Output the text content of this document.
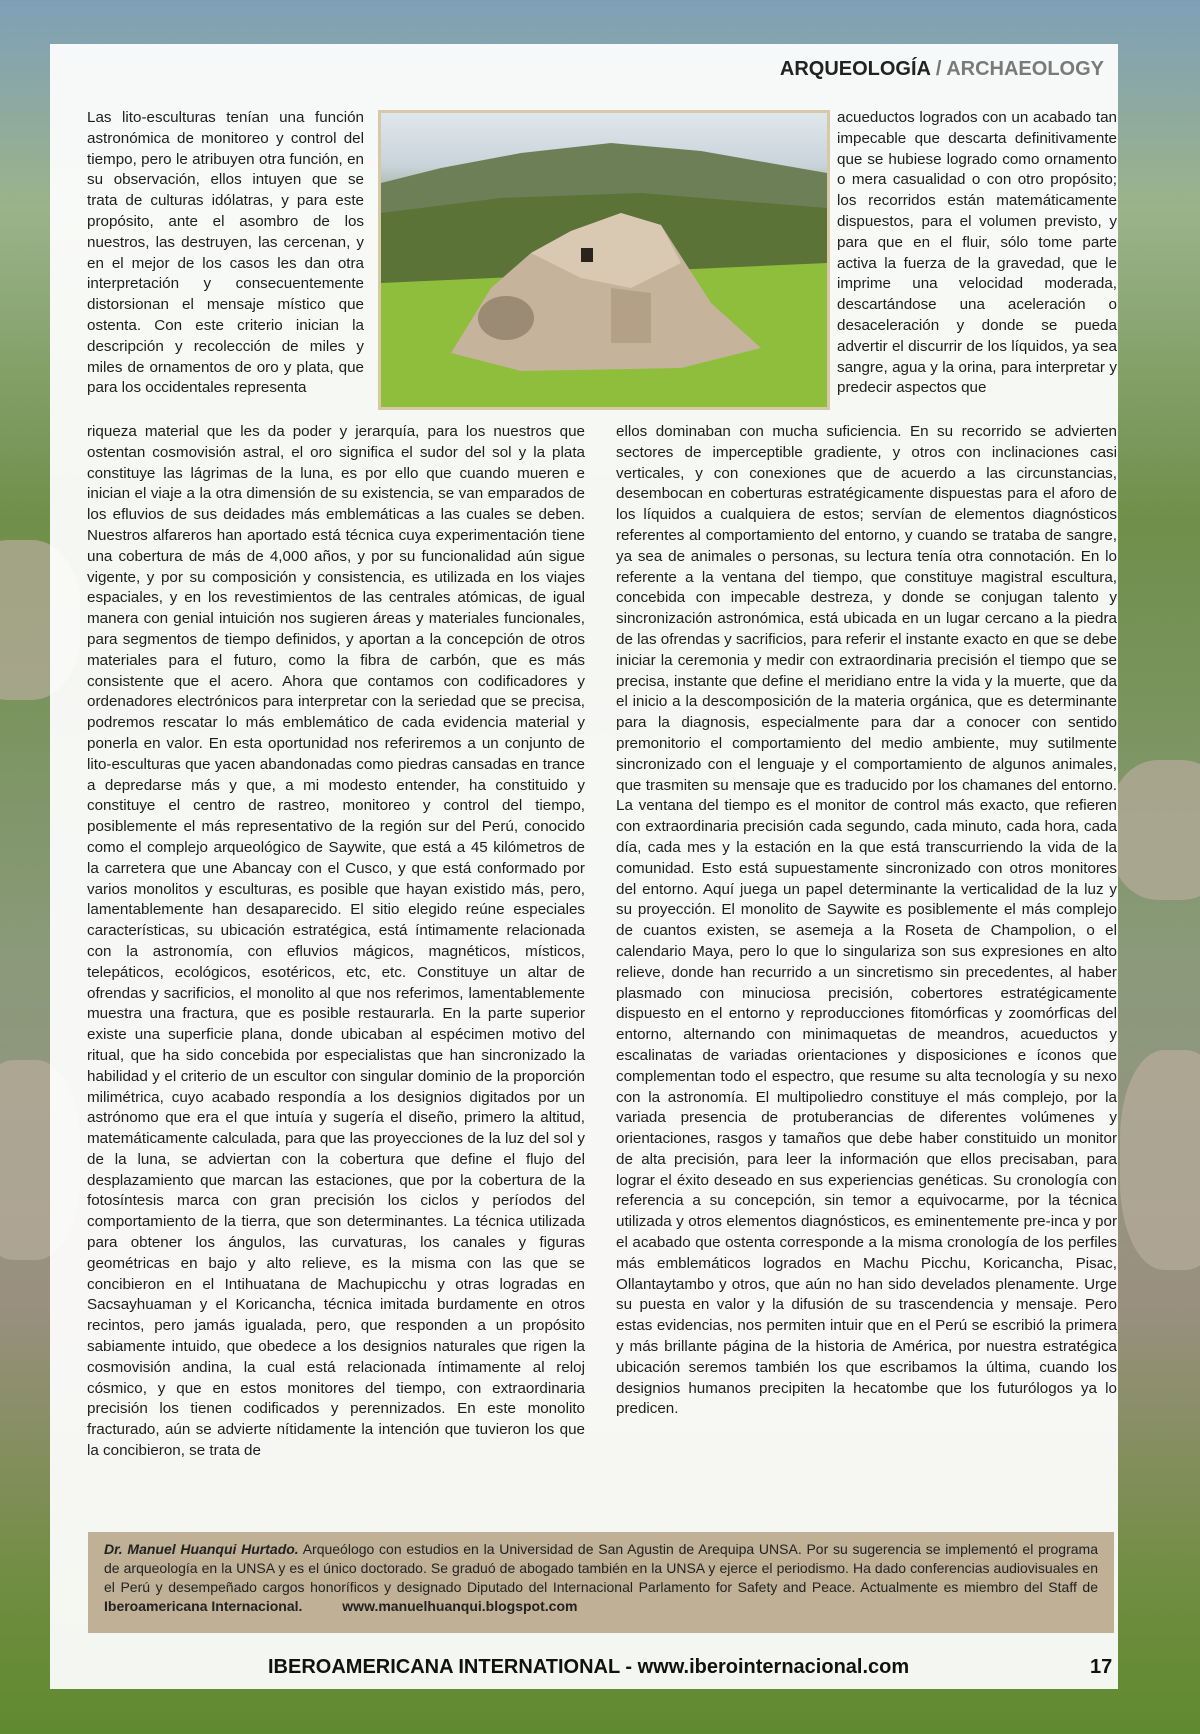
ARQUEOLOGÍA / ARCHAEOLOGY

Las lito-esculturas tenían una función astronómica de monitoreo y control del tiempo, pero le atribuyen otra función, en su observación, ellos intuyen que se trata de culturas idólatras, y para este propósito, ante el asombro de los nuestros, las destruyen, las cercenan, y en el mejor de los casos les dan otra interpretación y consecuentemente distorsionan el mensaje místico que ostenta. Con este criterio inician la descripción y recolección de miles y miles de ornamentos de oro y plata, que para los occidentales representa

acueductos logrados con un acabado tan impecable que descarta definitivamente que se hubiese logrado como ornamento o mera casualidad o con otro propósito; los recorridos están matemáticamente dispuestos, para el volumen previsto, y para que en el fluir, sólo tome parte activa la fuerza de la gravedad, que le imprime una velocidad moderada, descartándose una aceleración o desaceleración y donde se pueda advertir el discurrir de los líquidos, ya sea sangre, agua y la orina, para interpretar y predecir aspectos que

riqueza material que les da poder y jerarquía, para los nuestros que ostentan cosmovisión astral, el oro significa el sudor del sol y la plata constituye las lágrimas de la luna, es por ello que cuando mueren e inician el viaje a la otra dimensión de su existencia, se van emparados de los efluvios de sus deidades más emblemáticas a las cuales se deben. Nuestros alfareros han aportado está técnica cuya experimentación tiene una cobertura de más de 4,000 años, y por su funcionalidad aún sigue vigente, y por su composición y consistencia, es utilizada en los viajes espaciales, y en los revestimientos de las centrales atómicas, de igual manera con genial intuición nos sugieren áreas y materiales funcionales, para segmentos de tiempo definidos, y aportan a la concepción de otros materiales para el futuro, como la fibra de carbón, que es más consistente que el acero. Ahora que contamos con codificadores y ordenadores electrónicos para interpretar con la seriedad que se precisa, podremos rescatar lo más emblemático de cada evidencia material y ponerla en valor. En esta oportunidad nos referiremos a un conjunto de lito-esculturas que yacen abandonadas como piedras cansadas en trance a depredarse más y que, a mi modesto entender, ha constituido y constituye el centro de rastreo, monitoreo y control del tiempo, posiblemente el más representativo de la región sur del Perú, conocido como el complejo arqueológico de Saywite, que está a 45 kilómetros de la carretera que une Abancay con el Cusco, y que está conformado por varios monolitos y esculturas, es posible que hayan existido más, pero, lamentablemente han desaparecido. El sitio elegido reúne especiales características, su ubicación estratégica, está íntimamente relacionada con la astronomía, con efluvios mágicos, magnéticos, místicos, telepáticos, ecológicos, esotéricos, etc, etc. Constituye un altar de ofrendas y sacrificios, el monolito al que nos referimos, lamentablemente muestra una fractura, que es posible restaurarla. En la parte superior existe una superficie plana, donde ubicaban al espécimen motivo del ritual, que ha sido concebida por especialistas que han sincronizado la habilidad y el criterio de un escultor con singular dominio de la proporción milimétrica, cuyo acabado respondía a los designios digitados por un astrónomo que era el que intuía y sugería el diseño, primero la altitud, matemáticamente calculada, para que las proyecciones de la luz del sol y de la luna, se adviertan con la cobertura que define el flujo del desplazamiento que marcan las estaciones, que por la cobertura de la fotosíntesis marca con gran precisión los ciclos y períodos del comportamiento de la tierra, que son determinantes. La técnica utilizada para obtener los ángulos, las curvaturas, los canales y figuras geométricas en bajo y alto relieve, es la misma con las que se concibieron en el Intihuatana de Machupicchu y otras logradas en Sacsayhuaman y el Koricancha, técnica imitada burdamente en otros recintos, pero jamás igualada, pero, que responden a un propósito sabiamente intuido, que obedece a los designios naturales que rigen la cosmovisión andina, la cual está relacionada íntimamente al reloj cósmico, y que en estos monitores del tiempo, con extraordinaria precisión los tienen codificados y perennizados. En este monolito fracturado, aún se advierte nítidamente la intención que tuvieron los que la concibieron, se trata de

ellos dominaban con mucha suficiencia. En su recorrido se advierten sectores de imperceptible gradiente, y otros con inclinaciones casi verticales, y con conexiones que de acuerdo a las circunstancias, desembocan en coberturas estratégicamente dispuestas para el aforo de los líquidos a cualquiera de estos; servían de elementos diagnósticos referentes al comportamiento del entorno, y cuando se trataba de sangre, ya sea de animales o personas, su lectura tenía otra connotación. En lo referente a la ventana del tiempo, que constituye magistral escultura, concebida con impecable destreza, y donde se conjugan talento y sincronización astronómica, está ubicada en un lugar cercano a la piedra de las ofrendas y sacrificios, para referir el instante exacto en que se debe iniciar la ceremonia y medir con extraordinaria precisión el tiempo que se precisa, instante que define el meridiano entre la vida y la muerte, que da el inicio a la descomposición de la materia orgánica, que es determinante para la diagnosis, especialmente para dar a conocer con sentido premonitorio el comportamiento del medio ambiente, muy sutilmente sincronizado con el lenguaje y el comportamiento de algunos animales, que trasmiten su mensaje que es traducido por los chamanes del entorno. La ventana del tiempo es el monitor de control más exacto, que refieren con extraordinaria precisión cada segundo, cada minuto, cada hora, cada día, cada mes y la estación en la que está transcurriendo la vida de la comunidad. Esto está supuestamente sincronizado con otros monitores del entorno. Aquí juega un papel determinante la verticalidad de la luz y su proyección. El monolito de Saywite es posiblemente el más complejo de cuantos existen, se asemeja a la Roseta de Champolion, o el calendario Maya, pero lo que lo singulariza son sus expresiones en alto relieve, donde han recurrido a un sincretismo sin precedentes, al haber plasmado con minuciosa precisión, cobertores estratégicamente dispuesto en el entorno y reproducciones fitomórficas y zoomórficas del entorno, alternando con minimaquetas de meandros, acueductos y escalinatas de variadas orientaciones y disposiciones e íconos que complementan todo el espectro, que resume su alta tecnología y su nexo con la astronomía. El multipoliedro constituye el más complejo, por la variada presencia de protuberancias de diferentes volúmenes y orientaciones, rasgos y tamaños que debe haber constituido un monitor de alta precisión, para leer la información que ellos precisaban, para lograr el éxito deseado en sus experiencias genéticas. Su cronología con referencia a su concepción, sin temor a equivocarme, por la técnica utilizada y otros elementos diagnósticos, es eminentemente pre-inca y por el acabado que ostenta corresponde a la misma cronología de los perfiles más emblemáticos logrados en Machu Picchu, Koricancha, Pisac, Ollantaytambo y otros, que aún no han sido develados plenamente. Urge su puesta en valor y la difusión de su trascendencia y mensaje. Pero estas evidencias, nos permiten intuir que en el Perú se escribió la primera y más brillante página de la historia de América, por nuestra estratégica ubicación seremos también los que escribamos la última, cuando los designios humanos precipiten la hecatombe que los futurólogos ya lo predicen.

Dr. Manuel Huanqui Hurtado. Arqueólogo con estudios en la Universidad de San Agustin de Arequipa UNSA. Por su sugerencia se implementó el programa de arqueología en la UNSA y es el único doctorado. Se graduó de abogado también en la UNSA y ejerce el periodismo. Ha dado conferencias audiovisuales en el Perú y desempeñado cargos honoríficos y designado Diputado del Internacional Parlamento for Safety and Peace. Actualmente es miembro del Staff de Iberoamericana Internacional.	www.manuelhuanqui.blogspot.com
IBEROAMERICANA INTERNATIONAL - www.iberointernacional.com	17
